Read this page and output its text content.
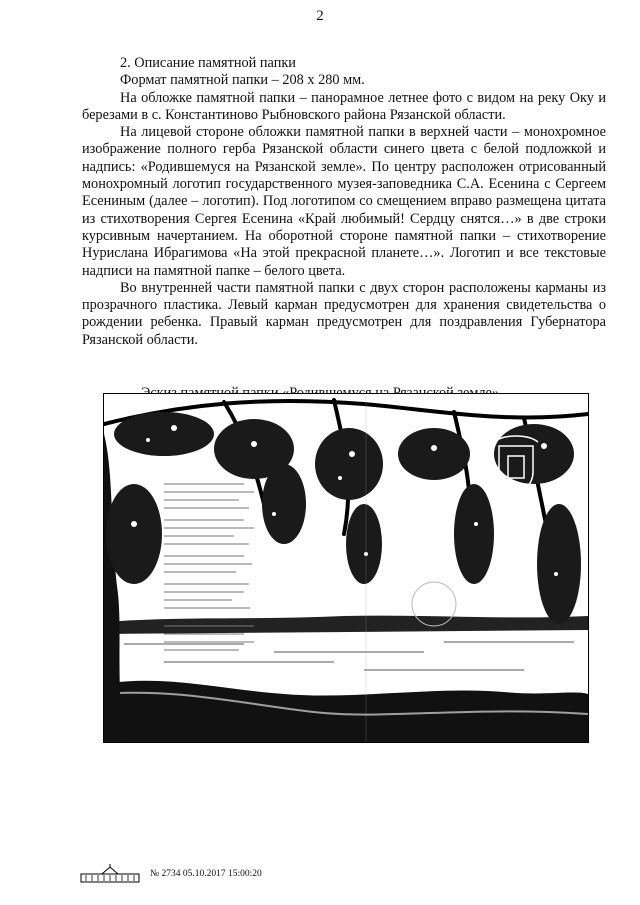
2

2. Описание памятной папки

Формат памятной папки – 208 х 280 мм.

На обложке памятной папки – панорамное летнее фото с видом на реку Оку и березами в с. Константиново Рыбновского района Рязанской области.

На лицевой стороне обложки памятной папки в верхней части – монохромное изображение полного герба Рязанской области синего цвета с белой подложкой и надпись: «Родившемуся на Рязанской земле». По центру расположен отрисованный монохромный логотип государственного музея-заповедника С.А. Есенина с Сергеем Есениным (далее – логотип). Под логотипом со смещением вправо размещена цитата из стихотворения Сергея Есенина «Край любимый! Сердцу снятся…» в две строки курсивным начертанием. На оборотной стороне памятной папки – стихотворение Нурислана Ибрагимова «На этой прекрасной планете…». Логотип и все текстовые надписи на памятной папке – белого цвета.

Во внутренней части памятной папки с двух сторон расположены карманы из прозрачного пластика. Левый карман предусмотрен для хранения свидетельства о рождении ребенка. Правый карман предусмотрен для поздравления Губернатора Рязанской области.

№ 2734 05.10.2017 15:00:20
